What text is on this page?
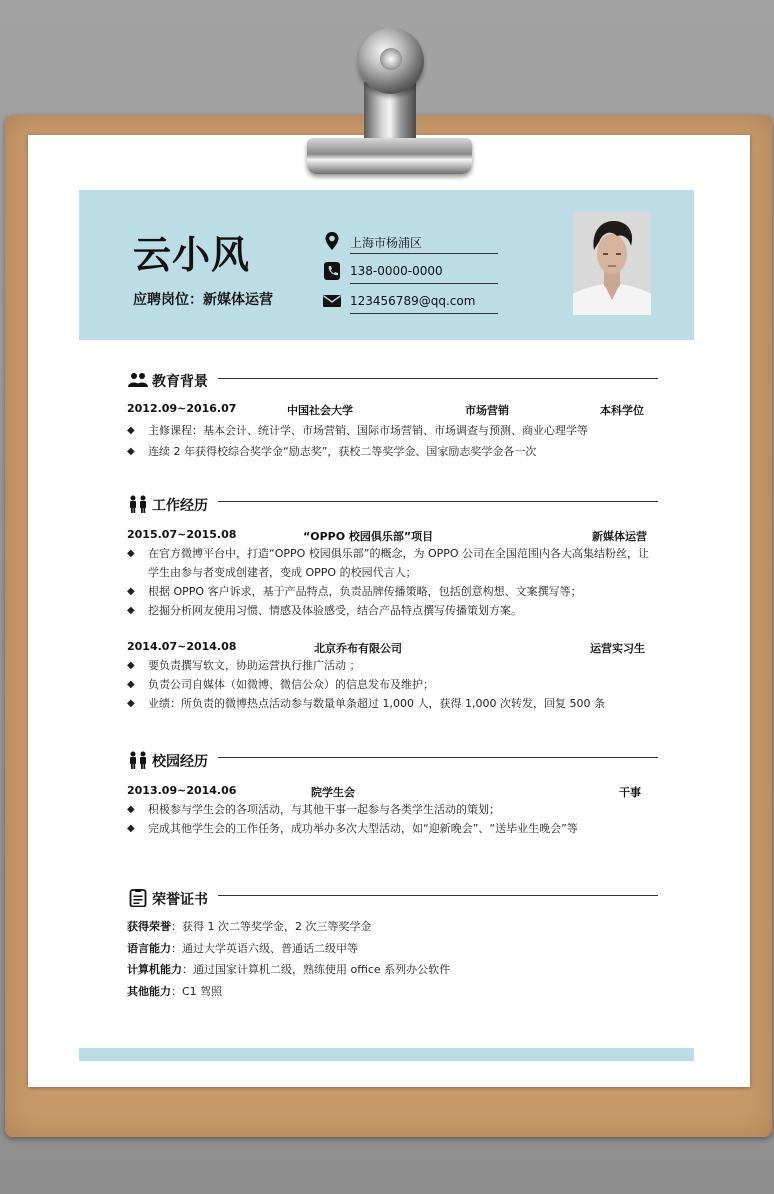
云小风
应聘岗位：新媒体运营
上海市杨浦区
138-0000-0000
123456789@qq.com
教育背景
2012.09~2016.07	中国社会大学	市场营销	本科学位
◆	主修课程：基本会计、统计学、市场营销、国际市场营销、市场调查与预测、商业心理学等
◆	连续 2 年获得校综合奖学金“励志奖”，获校二等奖学金、国家励志奖学金各一次
工作经历
2015.07~2015.08	“OPPO 校园俱乐部”项目	新媒体运营
◆	在官方微博平台中，打造“OPPO 校园俱乐部”的概念，为 OPPO 公司在全国范围内各大高集结粉丝，让学生由参与者变成创建者，变成 OPPO 的校园代言人；
◆	根据 OPPO 客户诉求，基于产品特点，负责品牌传播策略，包括创意构想、文案撰写等；
◆	挖掘分析网友使用习惯、情感及体验感受，结合产品特点撰写传播策划方案。
2014.07~2014.08	北京乔布有限公司	运营实习生
◆	要负责撰写软文，协助运营执行推广活动 ；
◆	负责公司自媒体（如微博、微信公众）的信息发布及维护；
◆	业绩：所负责的微博热点活动参与数量单条超过 1,000 人，获得 1,000 次转发，回复 500 条
校园经历
2013.09~2014.06	院学生会	干事
◆	积极参与学生会的各项活动，与其他干事一起参与各类学生活动的策划；
◆	完成其他学生会的工作任务，成功举办多次大型活动，如“迎新晚会”、“送毕业生晚会”等
荣誉证书
获得荣誉：获得 1 次二等奖学金，2 次三等奖学金
语言能力：通过大学英语六级、普通话二级甲等
计算机能力：通过国家计算机二级，熟练使用 office 系列办公软件
其他能力：C1 驾照
